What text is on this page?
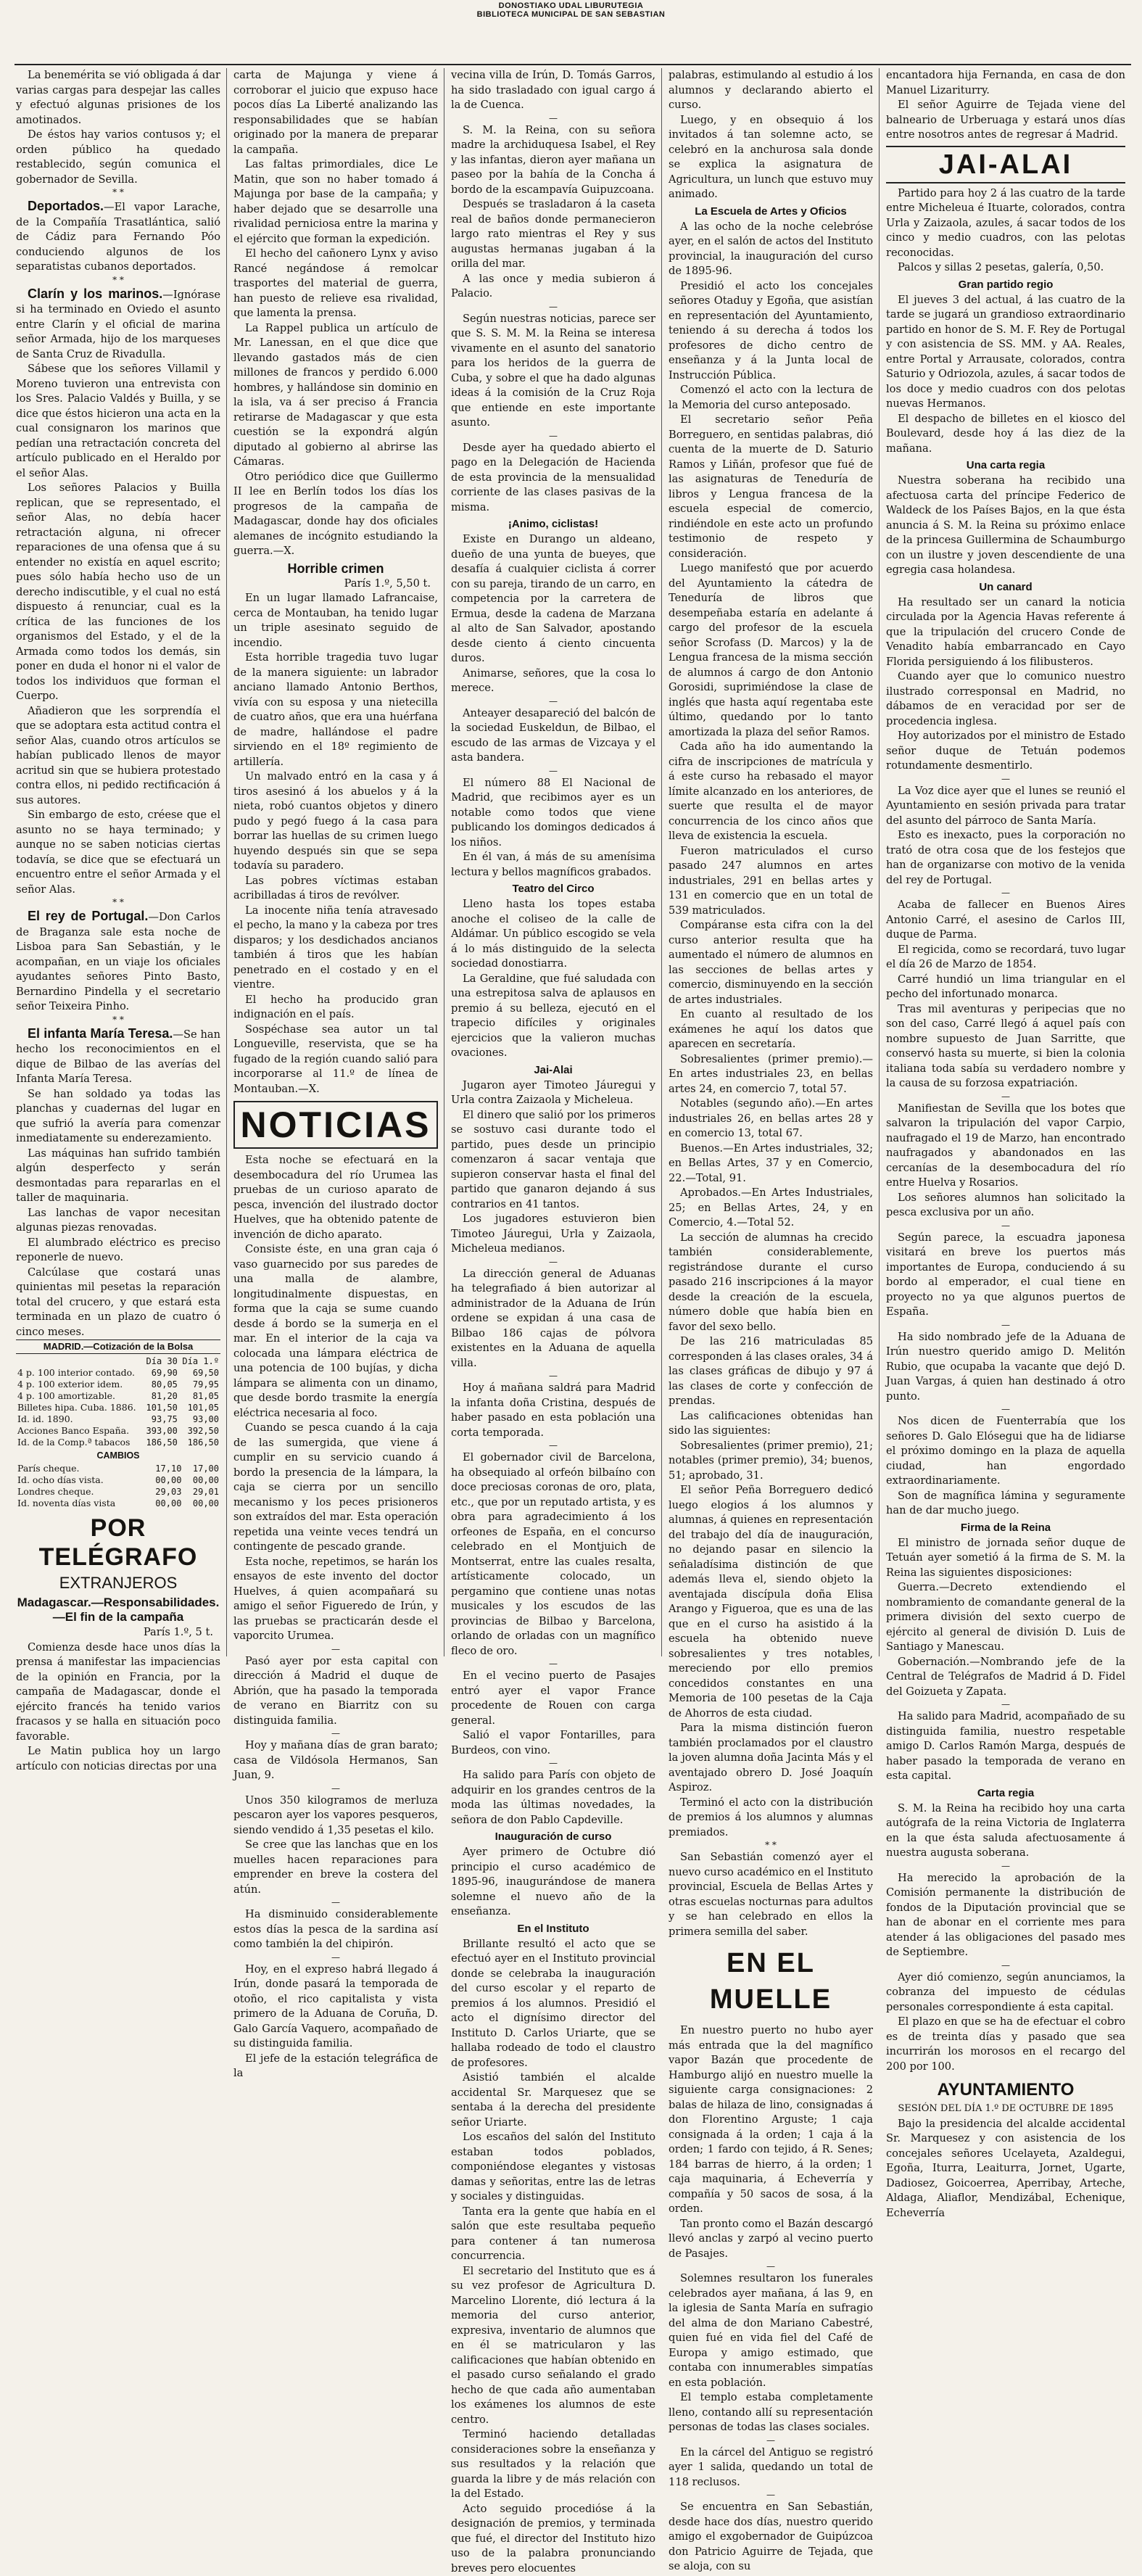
DONOSTIAKO UDAL LIBURUTEGIA
BIBLIOTECA MUNICIPAL DE SAN SEBASTIAN

La benemérita se vió obligada á dar varias cargas para despejar las calles y efectuó algunas prisiones de los amotinados.

De éstos hay varios contusos y; el orden público ha quedado restablecido, según comunica el gobernador de Sevilla.

* *

Deportados.—El vapor Larache, de la Compañía Trasatlántica, salió de Cádiz para Fernando Póo conduciendo algunos de los separatistas cubanos deportados.

* *

Clarín y los marinos.—Ignórase si ha terminado en Oviedo el asunto entre Clarín y el oficial de marina señor Armada, hijo de los marqueses de Santa Cruz de Rivadulla.

Sábese que los señores Villamil y Moreno tuvieron una entrevista con los Sres. Palacio Valdés y Builla, y se dice que éstos hicieron una acta en la cual consignaron los marinos que pedían una retractación concreta del artículo publicado en el Heraldo por el señor Alas.

Los señores Palacios y Builla replican, que se representado, el señor Alas, no debía hacer retractación alguna, ni ofrecer reparaciones de una ofensa que á su entender no existía en aquel escrito; pues sólo había hecho uso de un derecho indiscutible, y el cual no está dispuesto á renunciar, cual es la crítica de las funciones de los organismos del Estado, y el de la Armada como todos los demás, sin poner en duda el honor ni el valor de todos los individuos que forman el Cuerpo.

Añadieron que les sorprendía el que se adoptara esta actitud contra el señor Alas, cuando otros artículos se habían publicado llenos de mayor acritud sin que se hubiera protestado contra ellos, ni pedido rectificación á sus autores.

Sin embargo de esto, créese que el asunto no se haya terminado; y aunque no se saben noticias ciertas todavía, se dice que se efectuará un encuentro entre el señor Armada y el señor Alas.

* *

El rey de Portugal.—Don Carlos de Braganza sale esta noche de Lisboa para San Sebastián, y le acompañan, en un viaje los oficiales ayudantes señores Pinto Basto, Bernardino Pindella y el secretario señor Teixeira Pinho.

* *

El infanta María Teresa.—Se han hecho los reconocimientos en el dique de Bilbao de las averías del Infanta María Teresa.

Se han soldado ya todas las planchas y cuadernas del lugar en que sufrió la avería para comenzar inmediatamente su enderezamiento.

Las máquinas han sufrido también algún desperfecto y serán desmontadas para repararlas en el taller de maquinaria.

Las lanchas de vapor necesitan algunas piezas renovadas.

El alumbrado eléctrico es preciso reponerle de nuevo.

Calcúlase que costará unas quinientas mil pesetas la reparación total del crucero, y que estará esta terminada en un plazo de cuatro ó cinco meses.

MADRID.—Cotización de la Bolsa
	Día 30	Día 1.º
4 p. 100 interior contado.	69,90	69,50
4 p. 100 exterior idem.	80,05	79,95
4 p. 100 amortizable.	81,20	81,05
Billetes hipa. Cuba. 1886.	101,50	101,05
Id. id. 1890.	93,75	93,00
Acciones Banco España.	393,00	392,50
Id. de la Comp.ª tabacos	186,50	186,50
CAMBIOS
París cheque.	17,10	17,00
Id. ocho días vista.	00,00	00,00
Londres cheque.	29,03	29,01
Id. noventa días vista	00,00	00,00
POR TELÉGRAFO
EXTRANJEROS
Madagascar.—Responsabilidades.—El fin de la campaña
París 1.º, 5 t.

Comienza desde hace unos días la prensa á manifestar las impaciencias de la opinión en Francia, por la campaña de Madagascar, donde el ejército francés ha tenido varios fracasos y se halla en situación poco favorable.

Le Matin publica hoy un largo artículo con noticias directas por una

carta de Majunga y viene á corroborar el juicio que expuso hace pocos días La Liberté analizando las responsabilidades que se habían originado por la manera de preparar la campaña.

Las faltas primordiales, dice Le Matin, que son no haber tomado á Majunga por base de la campaña; y haber dejado que se desarrolle una rivalidad perniciosa entre la marina y el ejército que forman la expedición.

El hecho del cañonero Lynx y aviso Rancé negándose á remolcar trasportes del material de guerra, han puesto de relieve esa rivalidad, que lamenta la prensa.

La Rappel publica un artículo de Mr. Lanessan, en el que dice que llevando gastados más de cien millones de francos y perdido 6.000 hombres, y hallándose sin dominio en la isla, va á ser preciso á Francia retirarse de Madagascar y que esta cuestión se la expondrá algún diputado al gobierno al abrirse las Cámaras.

Otro periódico dice que Guillermo II lee en Berlín todos los días los progresos de la campaña de Madagascar, donde hay dos oficiales alemanes de incógnito estudiando la guerra.—X.

Horrible crimen
París 1.º, 5,50 t.

En un lugar llamado Lafrancaise, cerca de Montauban, ha tenido lugar un triple asesinato seguido de incendio.

Esta horrible tragedia tuvo lugar de la manera siguiente: un labrador anciano llamado Antonio Berthos, vivía con su esposa y una nietecilla de cuatro años, que era una huérfana de madre, hallándose el padre sirviendo en el 18º regimiento de artillería.

Un malvado entró en la casa y á tiros asesinó á los abuelos y á la nieta, robó cuantos objetos y dinero pudo y pegó fuego á la casa para borrar las huellas de su crimen luego huyendo después sin que se sepa todavía su paradero.

Las pobres víctimas estaban acribilladas á tiros de revólver.

La inocente niña tenía atravesado el pecho, la mano y la cabeza por tres disparos; y los desdichados ancianos también á tiros que les habían penetrado en el costado y en el vientre.

El hecho ha producido gran indignación en el país.

Sospéchase sea autor un tal Longueville, reservista, que se ha fugado de la región cuando salió para incorporarse al 11.º de línea de Montauban.—X.

NOTICIAS

Esta noche se efectuará en la desembocadura del río Urumea las pruebas de un curioso aparato de pesca, invención del ilustrado doctor Huelves, que ha obtenido patente de invención de dicho aparato.

Consiste éste, en una gran caja ó vaso guarnecido por sus paredes de una malla de alambre, longitudinalmente dispuestas, en forma que la caja se sume cuando desde á bordo se la sumerja en el mar. En el interior de la caja va colocada una lámpara eléctrica de una potencia de 100 bujías, y dicha lámpara se alimenta con un dinamo, que desde bordo trasmite la energía eléctrica necesaria al foco.

Cuando se pesca cuando á la caja de las sumergida, que viene á cumplir en su servicio cuando á bordo la presencia de la lámpara, la caja se cierra por un sencillo mecanismo y los peces prisioneros son extraídos del mar. Esta operación repetida una veinte veces tendrá un contingente de pescado grande.

Esta noche, repetimos, se harán los ensayos de este invento del doctor Huelves, á quien acompañará su amigo el señor Figueredo de Irún, y las pruebas se practicarán desde el vaporcito Urumea.

—

Pasó ayer por esta capital con dirección á Madrid el duque de Abrión, que ha pasado la temporada de verano en Biarritz con su distinguida familia.

—

Hoy y mañana días de gran barato; casa de Vildósola Hermanos, San Juan, 9.

—

Unos 350 kilogramos de merluza pescaron ayer los vapores pesqueros, siendo vendido á 1,35 pesetas el kilo.

Se cree que las lanchas que en los muelles hacen reparaciones para emprender en breve la costera del atún.

—

Ha disminuido considerablemente estos días la pesca de la sardina así como también la del chipirón.

—

Hoy, en el expreso habrá llegado á Irún, donde pasará la temporada de otoño, el rico capitalista y vista primero de la Aduana de Coruña, D. Galo García Vaquero, acompañado de su distinguida familia.

El jefe de la estación telegráfica de la

vecina villa de Irún, D. Tomás Garros, ha sido trasladado con igual cargo á la de Cuenca.

—

S. M. la Reina, con su señora madre la archiduquesa Isabel, el Rey y las infantas, dieron ayer mañana un paseo por la bahía de la Concha á bordo de la escampavía Guipuzcoana.

Después se trasladaron á la caseta real de baños donde permanecieron largo rato mientras el Rey y sus augustas hermanas jugaban á la orilla del mar.

A las once y media subieron á Palacio.

—

Según nuestras noticias, parece ser que S. S. M. M. la Reina se interesa vivamente en el asunto del sanatorio para los heridos de la guerra de Cuba, y sobre el que ha dado algunas ideas á la comisión de la Cruz Roja que entiende en este importante asunto.

—

Desde ayer ha quedado abierto el pago en la Delegación de Hacienda de esta provincia de la mensualidad corriente de las clases pasivas de la misma.

¡Animo, ciclistas!

Existe en Durango un aldeano, dueño de una yunta de bueyes, que desafía á cualquier ciclista á correr con su pareja, tirando de un carro, en competencia por la carretera de Ermua, desde la cadena de Marzana al alto de San Salvador, apostando desde ciento á ciento cincuenta duros.

Animarse, señores, que la cosa lo merece.

—

Anteayer desapareció del balcón de la sociedad Euskeldun, de Bilbao, el escudo de las armas de Vizcaya y el asta bandera.

—

El número 88 El Nacional de Madrid, que recibimos ayer es un notable como todos que viene publicando los domingos dedicados á los niños.

En él van, á más de su amenísima lectura y bellos magníficos grabados.

Teatro del Circo

Lleno hasta los topes estaba anoche el coliseo de la calle de Aldámar. Un público escogido se vela á lo más distinguido de la selecta sociedad donostiarra.

La Geraldine, que fué saludada con una estrepitosa salva de aplausos en premio á su belleza, ejecutó en el trapecio difíciles y originales ejercicios que la valieron muchas ovaciones.

Jai-Alai

Jugaron ayer Timoteo Jáuregui y Urla contra Zaizaola y Micheleua.

El dinero que salió por los primeros se sostuvo casi durante todo el partido, pues desde un principio comenzaron á sacar ventaja que supieron conservar hasta el final del partido que ganaron dejando á sus contrarios en 41 tantos.

Los jugadores estuvieron bien Timoteo Jáuregui, Urla y Zaizaola, Micheleua medianos.

—

La dirección general de Aduanas ha telegrafiado á bien autorizar al administrador de la Aduana de Irún ordene se expidan á una casa de Bilbao 186 cajas de pólvora existentes en la Aduana de aquella villa.

—

Hoy á mañana saldrá para Madrid la infanta doña Cristina, después de haber pasado en esta población una corta temporada.

—

El gobernador civil de Barcelona, ha obsequiado al orfeón bilbaíno con doce preciosas coronas de oro, plata, etc., que por un reputado artista, y es obra para agradecimiento á los orfeones de España, en el concurso celebrado en el Montjuich de Montserrat, entre las cuales resalta, artísticamente colocado, un pergamino que contiene unas notas musicales y los escudos de las provincias de Bilbao y Barcelona, orlando de orladas con un magnífico fleco de oro.

—

En el vecino puerto de Pasajes entró ayer el vapor France procedente de Rouen con carga general.

Salió el vapor Fontarilles, para Burdeos, con vino.

—

Ha salido para París con objeto de adquirir en los grandes centros de la moda las últimas novedades, la señora de don Pablo Capdeville.

Inauguración de curso

Ayer primero de Octubre dió principio el curso académico de 1895-96, inaugurándose de manera solemne el nuevo año de la enseñanza.

En el Instituto

Brillante resultó el acto que se efectuó ayer en el Instituto provincial donde se celebraba la inauguración del curso escolar y el reparto de premios á los alumnos. Presidió el acto el dignísimo director del Instituto D. Carlos Uriarte, que se hallaba rodeado de todo el claustro de profesores.

Asistió también el alcalde accidental Sr. Marquesez que se sentaba á la derecha del presidente señor Uriarte.

Los escaños del salón del Instituto estaban todos poblados, componiéndose elegantes y vistosas damas y señoritas, entre las de letras y sociales y distinguidas.

Tanta era la gente que había en el salón que este resultaba pequeño para contener á tan numerosa concurrencia.

El secretario del Instituto que es á su vez profesor de Agricultura D. Marcelino Llorente, dió lectura á la memoria del curso anterior, expresiva, inventario de alumnos que en él se matricularon y las calificaciones que habían obtenido en el pasado curso señalando el grado hecho de que cada año aumentaban los exámenes los alumnos de este centro.

Terminó haciendo detalladas consideraciones sobre la enseñanza y sus resultados y la relación que guarda la libre y de más relación con la del Estado.

Acto seguido procedióse á la designación de premios, y terminada que fué, el director del Instituto hizo uso de la palabra pronunciando breves pero elocuentes

palabras, estimulando al estudio á los alumnos y declarando abierto el curso.

Luego, y en obsequio á los invitados á tan solemne acto, se celebró en la anchurosa sala donde se explica la asignatura de Agricultura, un lunch que estuvo muy animado.

La Escuela de Artes y Oficios

A las ocho de la noche celebróse ayer, en el salón de actos del Instituto provincial, la inauguración del curso de 1895-96.

Presidió el acto los concejales señores Otaduy y Egoña, que asistían en representación del Ayuntamiento, teniendo á su derecha á todos los profesores de dicho centro de enseñanza y á la Junta local de Instrucción Pública.

Comenzó el acto con la lectura de la Memoria del curso anteposado.

El secretario señor Peña Borreguero, en sentidas palabras, dió cuenta de la muerte de D. Saturio Ramos y Liñán, profesor que fué de las asignaturas de Teneduría de libros y Lengua francesa de la escuela especial de comercio, rindiéndole en este acto un profundo testimonio de respeto y consideración.

Luego manifestó que por acuerdo del Ayuntamiento la cátedra de Teneduría de libros que desempeñaba estaría en adelante á cargo del profesor de la escuela señor Scrofass (D. Marcos) y la de Lengua francesa de la misma sección de alumnos á cargo de don Antonio Gorosidi, suprimiéndose la clase de inglés que hasta aquí regentaba este último, quedando por lo tanto amortizada la plaza del señor Ramos.

Cada año ha ido aumentando la cifra de inscripciones de matrícula y á este curso ha rebasado el mayor límite alcanzado en los anteriores, de suerte que resulta el de mayor concurrencia de los cinco años que lleva de existencia la escuela.

Fueron matriculados el curso pasado 247 alumnos en artes industriales, 291 en bellas artes y 131 en comercio que en un total de 539 matriculados.

Compáranse esta cifra con la del curso anterior resulta que ha aumentado el número de alumnos en las secciones de bellas artes y comercio, disminuyendo en la sección de artes industriales.

En cuanto al resultado de los exámenes he aquí los datos que aparecen en secretaría.

Sobresalientes (primer premio).—En artes industriales 23, en bellas artes 24, en comercio 7, total 57.

Notables (segundo año).—En artes industriales 26, en bellas artes 28 y en comercio 13, total 67.

Buenos.—En Artes industriales, 32; en Bellas Artes, 37 y en Comercio, 22.—Total, 91.

Aprobados.—En Artes Industriales, 25; en Bellas Artes, 24, y en Comercio, 4.—Total 52.

La sección de alumnas ha crecido también considerablemente, registrándose durante el curso pasado 216 inscripciones á la mayor desde la creación de la escuela, número doble que había bien en favor del sexo bello.

De las 216 matriculadas 85 corresponden á las clases orales, 34 á las clases gráficas de dibujo y 97 á las clases de corte y confección de prendas.

Las calificaciones obtenidas han sido las siguientes:

Sobresalientes (primer premio), 21; notables (primer premio), 34; buenos, 51; aprobado, 31.

El señor Peña Borreguero dedicó luego elogios á los alumnos y alumnas, á quienes en representación del trabajo del día de inauguración, no dejando pasar en silencio la señaladísima distinción de que además lleva el, siendo objeto la aventajada discípula doña Elisa Arango y Figueroa, que es una de las que en el curso ha asistido á la escuela ha obtenido nueve sobresalientes y tres notables, mereciendo por ello premios concedidos constantes en una Memoria de 100 pesetas de la Caja de Ahorros de esta ciudad.

Para la misma distinción fueron también proclamados por el claustro la joven alumna doña Jacinta Más y el aventajado obrero D. José Joaquín Aspiroz.

Terminó el acto con la distribución de premios á los alumnos y alumnas premiados.

* *

San Sebastián comenzó ayer el nuevo curso académico en el Instituto provincial, Escuela de Bellas Artes y otras escuelas nocturnas para adultos y se han celebrado en ellos la primera semilla del saber.

EN EL MUELLE

En nuestro puerto no hubo ayer más entrada que la del magnífico vapor Bazán que procedente de Hamburgo alijó en nuestro muelle la siguiente carga consignaciones: 2 balas de hilaza de lino, consignadas á don Florentino Arguste; 1 caja consignada á la orden; 1 caja á la orden; 1 fardo con tejido, á R. Senes; 184 barras de hierro, á la orden; 1 caja maquinaria, á Echeverría y compañía y 50 sacos de sosa, á la orden.

Tan pronto como el Bazán descargó llevó anclas y zarpó al vecino puerto de Pasajes.

—

Solemnes resultaron los funerales celebrados ayer mañana, á las 9, en la iglesia de Santa María en sufragio del alma de don Mariano Cabestré, quien fué en vida fiel del Café de Europa y amigo estimado, que contaba con innumerables simpatías en esta población.

El templo estaba completamente lleno, contando allí su representación personas de todas las clases sociales.

—

En la cárcel del Antiguo se registró ayer 1 salida, quedando un total de 118 reclusos.

—

Se encuentra en San Sebastián, desde hace dos días, nuestro querido amigo el exgobernador de Guipúzcoa don Patricio Aguirre de Tejada, que se aloja, con su

encantadora hija Fernanda, en casa de don Manuel Lizariturry.

El señor Aguirre de Tejada viene del balneario de Urberuaga y estará unos días entre nosotros antes de regresar á Madrid.

JAI-ALAI

Partido para hoy 2 á las cuatro de la tarde entre Micheleua é Ituarte, colorados, contra Urla y Zaizaola, azules, á sacar todos de los cinco y medio cuadros, con las pelotas reconocidas.

Palcos y sillas 2 pesetas, galería, 0,50.

Gran partido regio

El jueves 3 del actual, á las cuatro de la tarde se jugará un grandioso extraordinario partido en honor de S. M. F. Rey de Portugal y con asistencia de SS. MM. y AA. Reales, entre Portal y Arrausate, colorados, contra Saturio y Odriozola, azules, á sacar todos de los doce y medio cuadros con dos pelotas nuevas Hermanos.

El despacho de billetes en el kiosco del Boulevard, desde hoy á las diez de la mañana.

Una carta regia

Nuestra soberana ha recibido una afectuosa carta del príncipe Federico de Waldeck de los Países Bajos, en la que ésta anuncia á S. M. la Reina su próximo enlace de la princesa Guillermina de Schaumburgo con un ilustre y joven descendiente de una egregia casa holandesa.

Un canard

Ha resultado ser un canard la noticia circulada por la Agencia Havas referente á que la tripulación del crucero Conde de Venadito había embarrancado en Cayo Florida persiguiendo á los filibusteros.

Cuando ayer que lo comunico nuestro ilustrado corresponsal en Madrid, no dábamos de en veracidad por ser de procedencia inglesa.

Hoy autorizados por el ministro de Estado señor duque de Tetuán podemos rotundamente desmentirlo.

—

La Voz dice ayer que el lunes se reunió el Ayuntamiento en sesión privada para tratar del asunto del párroco de Santa María.

Esto es inexacto, pues la corporación no trató de otra cosa que de los festejos que han de organizarse con motivo de la venida del rey de Portugal.

—

Acaba de fallecer en Buenos Aires Antonio Carré, el asesino de Carlos III, duque de Parma.

El regicida, como se recordará, tuvo lugar el día 26 de Marzo de 1854.

Carré hundió un lima triangular en el pecho del infortunado monarca.

Tras mil aventuras y peripecias que no son del caso, Carré llegó á aquel país con nombre supuesto de Juan Sarritte, que conservó hasta su muerte, si bien la colonia italiana toda sabía su verdadero nombre y la causa de su forzosa expatriación.

—

Manifiestan de Sevilla que los botes que salvaron la tripulación del vapor Carpio, naufragado el 19 de Marzo, han encontrado naufragados y abandonados en las cercanías de la desembocadura del río entre Huelva y Rosarios.

Los señores alumnos han solicitado la pesca exclusiva por un año.

—

Según parece, la escuadra japonesa visitará en breve los puertos más importantes de Europa, conduciendo á su bordo al emperador, el cual tiene en proyecto no ya que algunos puertos de España.

—

Ha sido nombrado jefe de la Aduana de Irún nuestro querido amigo D. Melitón Rubio, que ocupaba la vacante que dejó D. Juan Vargas, á quien han destinado á otro punto.

—

Nos dicen de Fuenterrabía que los señores D. Galo Elósegui que ha de lidiarse el próximo domingo en la plaza de aquella ciudad, han engordado extraordinariamente.

Son de magnífica lámina y seguramente han de dar mucho juego.

Firma de la Reina

El ministro de jornada señor duque de Tetuán ayer sometió á la firma de S. M. la Reina las siguientes disposiciones:

Guerra.—Decreto extendiendo el nombramiento de comandante general de la primera división del sexto cuerpo de ejército al general de división D. Luis de Santiago y Manescau.

Gobernación.—Nombrando jefe de la Central de Telégrafos de Madrid á D. Fidel del Goizueta y Zapata.

—

Ha salido para Madrid, acompañado de su distinguida familia, nuestro respetable amigo D. Carlos Ramón Marga, después de haber pasado la temporada de verano en esta capital.

Carta regia

S. M. la Reina ha recibido hoy una carta autógrafa de la reina Victoria de Inglaterra en la que ésta saluda afectuosamente á nuestra augusta soberana.

—

Ha merecido la aprobación de la Comisión permanente la distribución de fondos de la Diputación provincial que se han de abonar en el corriente mes para atender á las obligaciones del pasado mes de Septiembre.

—

Ayer dió comienzo, según anunciamos, la cobranza del impuesto de cédulas personales correspondiente á esta capital.

El plazo en que se ha de efectuar el cobro es de treinta días y pasado que sea incurrirán los morosos en el recargo del 200 por 100.

AYUNTAMIENTO

SESIÓN DEL DÍA 1.º DE OCTUBRE DE 1895

Bajo la presidencia del alcalde accidental Sr. Marquesez y con asistencia de los concejales señores Ucelayeta, Azaldegui, Egoña, Iturra, Leaiturra, Jornet, Ugarte, Dadiosez, Goicoerrea, Aperribay, Arteche, Aldaga, Aliaflor, Mendizábal, Echenique, Echeverría
